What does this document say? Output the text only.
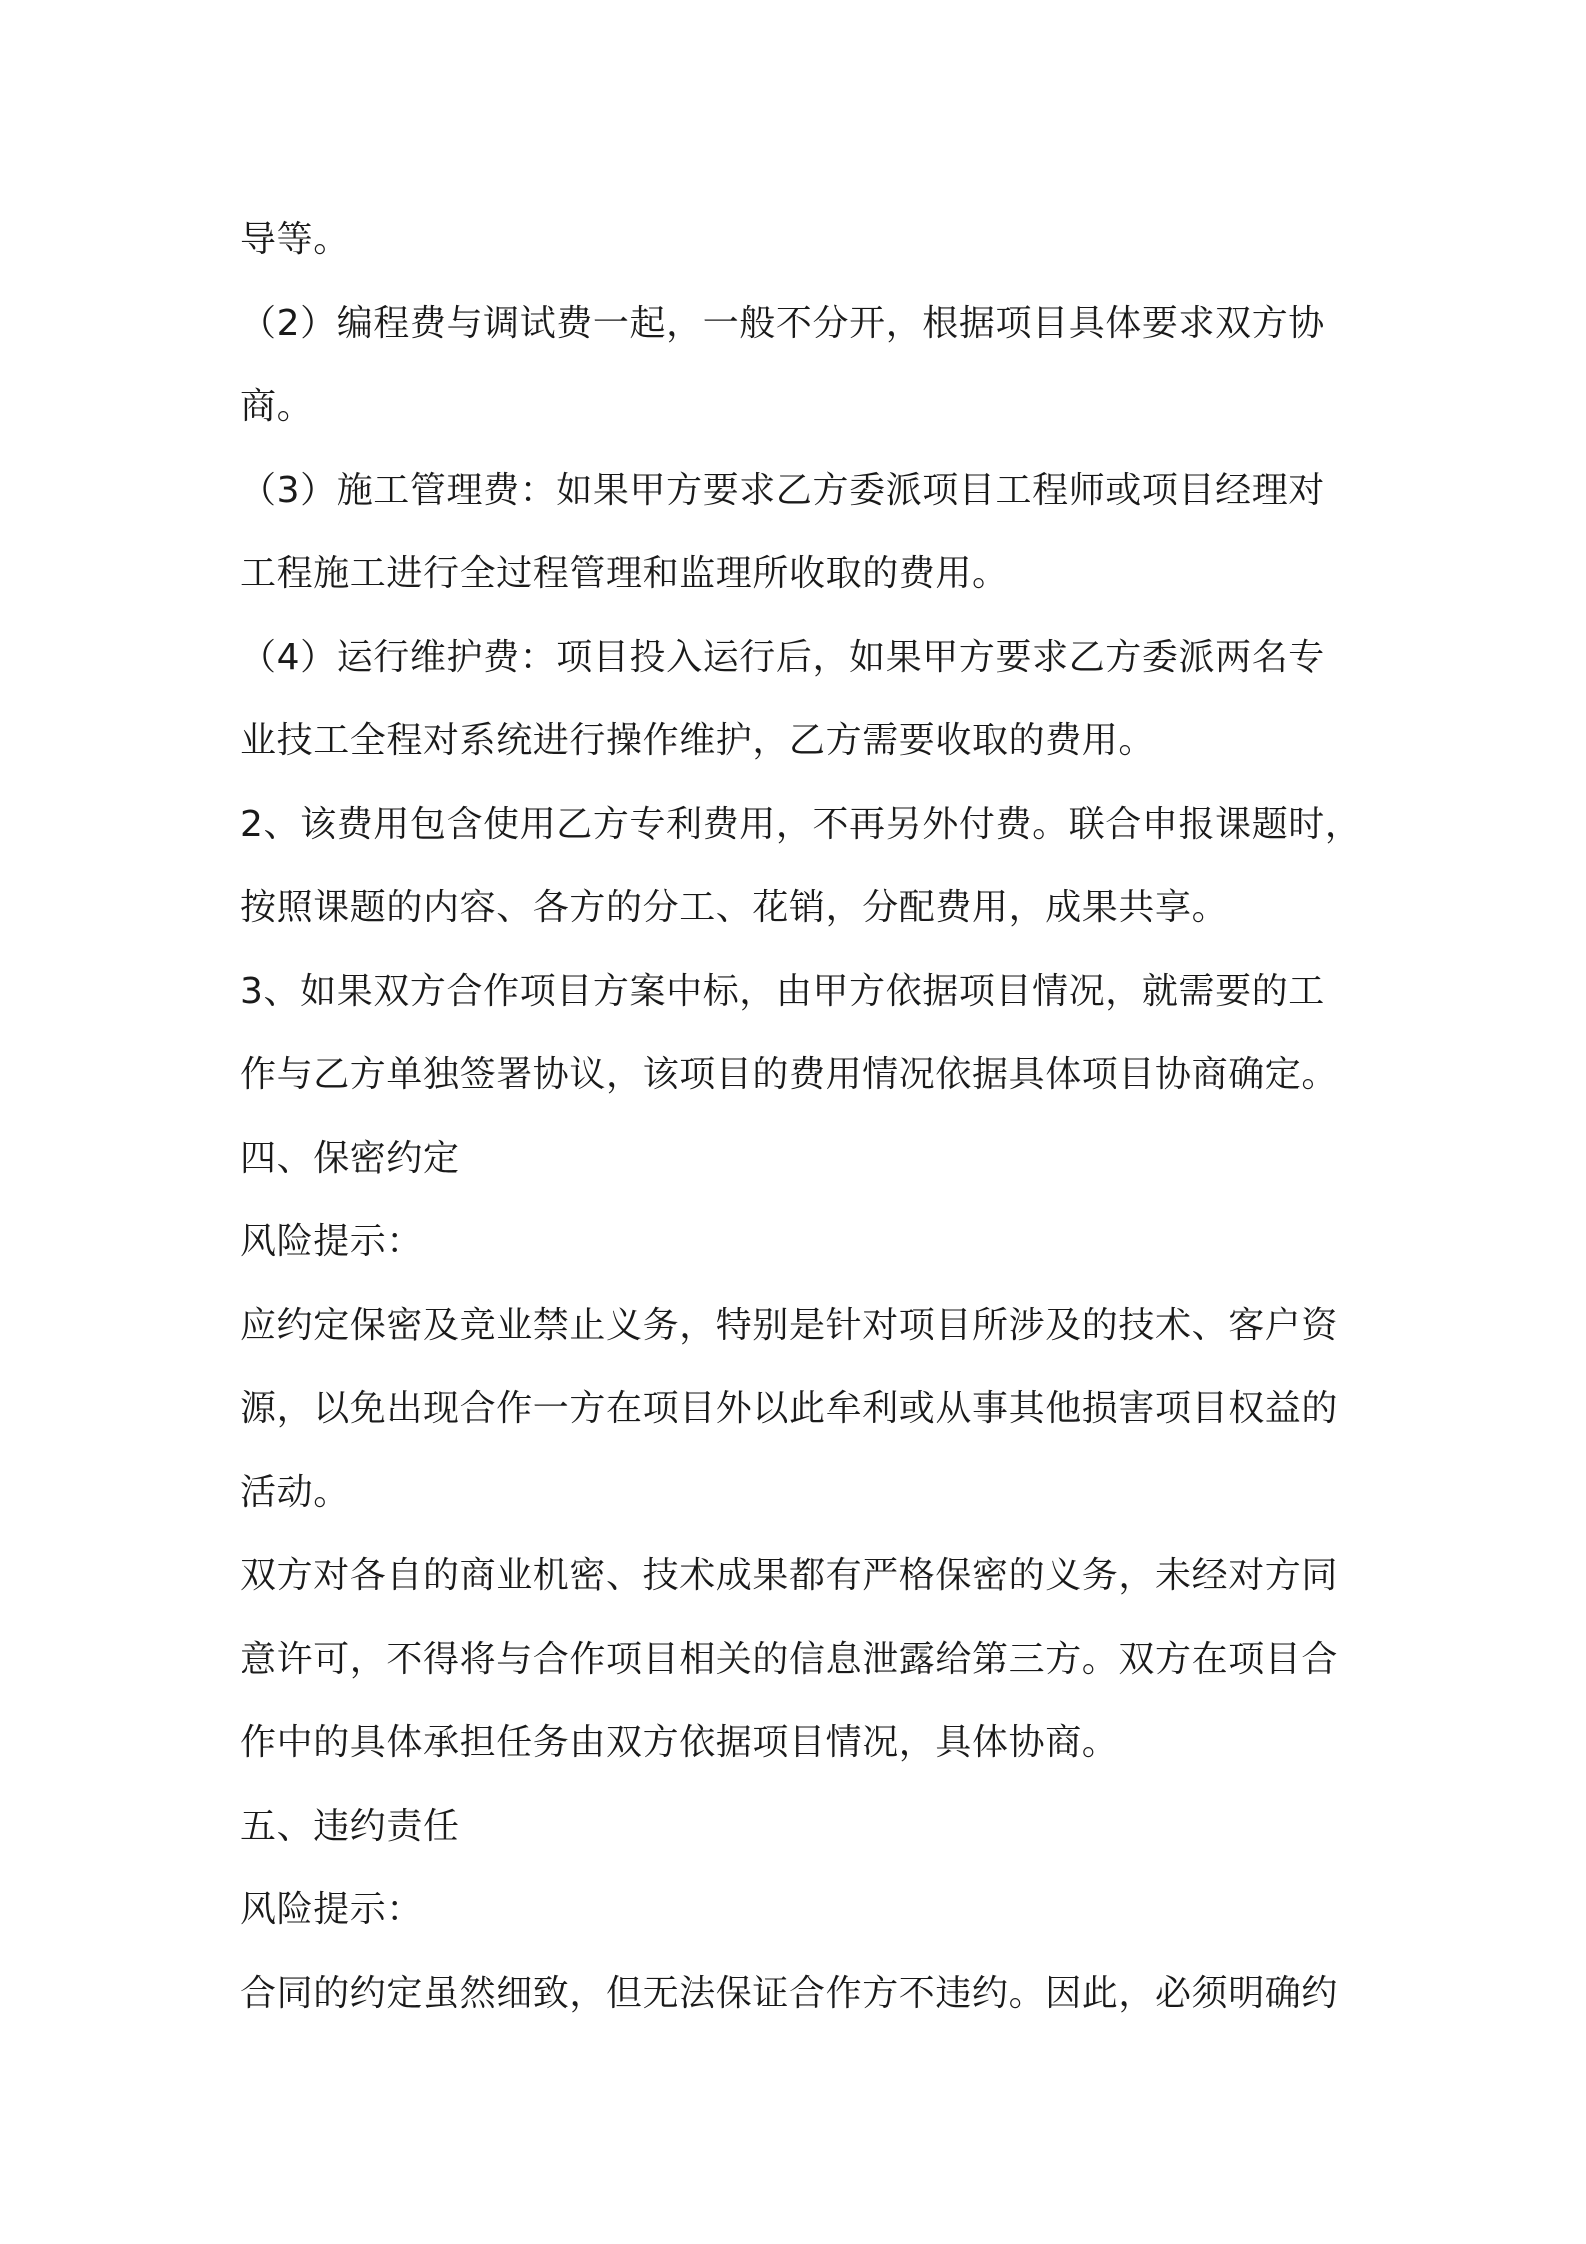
导等。
（2）编程费与调试费一起，一般不分开，根据项目具体要求双方协
商。
（3）施工管理费：如果甲方要求乙方委派项目工程师或项目经理对
工程施工进行全过程管理和监理所收取的费用。
（4）运行维护费：项目投入运行后，如果甲方要求乙方委派两名专
业技工全程对系统进行操作维护，乙方需要收取的费用。
2、该费用包含使用乙方专利费用，不再另外付费。联合申报课题时，
按照课题的内容、各方的分工、花销，分配费用，成果共享。
3、如果双方合作项目方案中标，由甲方依据项目情况，就需要的工
作与乙方单独签署协议，该项目的费用情况依据具体项目协商确定。
四、保密约定
风险提示：
应约定保密及竞业禁止义务，特别是针对项目所涉及的技术、客户资
源，以免出现合作一方在项目外以此牟利或从事其他损害项目权益的
活动。
双方对各自的商业机密、技术成果都有严格保密的义务，未经对方同
意许可，不得将与合作项目相关的信息泄露给第三方。双方在项目合
作中的具体承担任务由双方依据项目情况，具体协商。
五、违约责任
风险提示：
合同的约定虽然细致，但无法保证合作方不违约。因此，必须明确约
